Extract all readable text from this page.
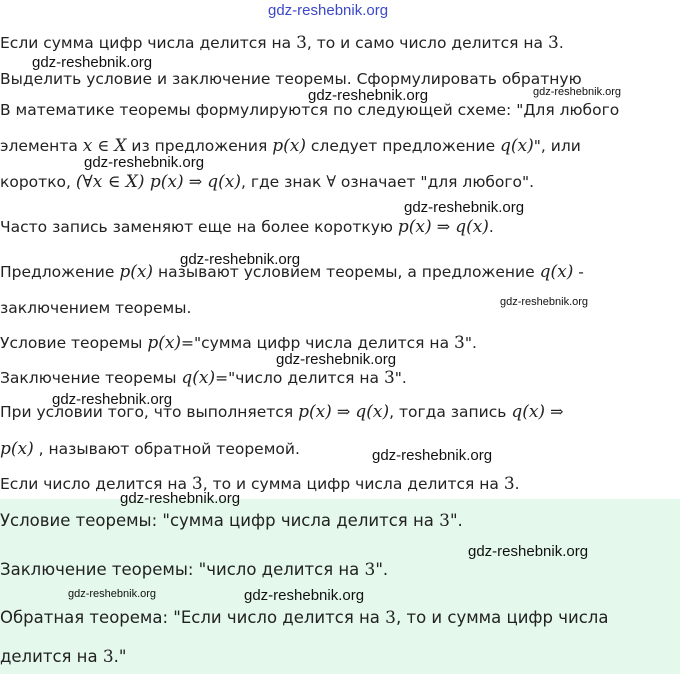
Если сумма цифр числа делится на 3, то и само число делится на 3.
Выделить условие и заключение теоремы. Сформулировать обратную
В математике теоремы формулируются по следующей схеме: "Для любого
элемента x ∈ X из предложения p(x) следует предложение q(x)", или
коротко, (∀x ∈ X) p(x) ⇒ q(x), где знак ∀ означает "для любого".
Часто запись заменяют еще на более короткую p(x) ⇒ q(x).
Предложение p(x) называют условием теоремы, а предложение q(x) -
заключением теоремы.
Условие теоремы p(x)="сумма цифр числа делится на 3".
Заключение теоремы q(x)="число делится на 3".
При условии того, что выполняется p(x) ⇒ q(x), тогда запись q(x) ⇒
p(x) , называют обратной теоремой.
Если число делится на 3, то и сумма цифр числа делится на 3.
Условие теоремы: "сумма цифр числа делится на 3".
Заключение теоремы: "число делится на 3".
Обратная теорема: "Если число делится на 3, то и сумма цифр числа
делится на 3."
gdz-reshebnik.org
gdz-reshebnik.org
gdz-reshebnik.org
gdz-reshebnik.org
gdz-reshebnik.org
gdz-reshebnik.org
gdz-reshebnik.org
gdz-reshebnik.org
gdz-reshebnik.org
gdz-reshebnik.org
gdz-reshebnik.org
gdz-reshebnik.org
gdz-reshebnik.org
gdz-reshebnik.org	gdz-reshebnik.org
